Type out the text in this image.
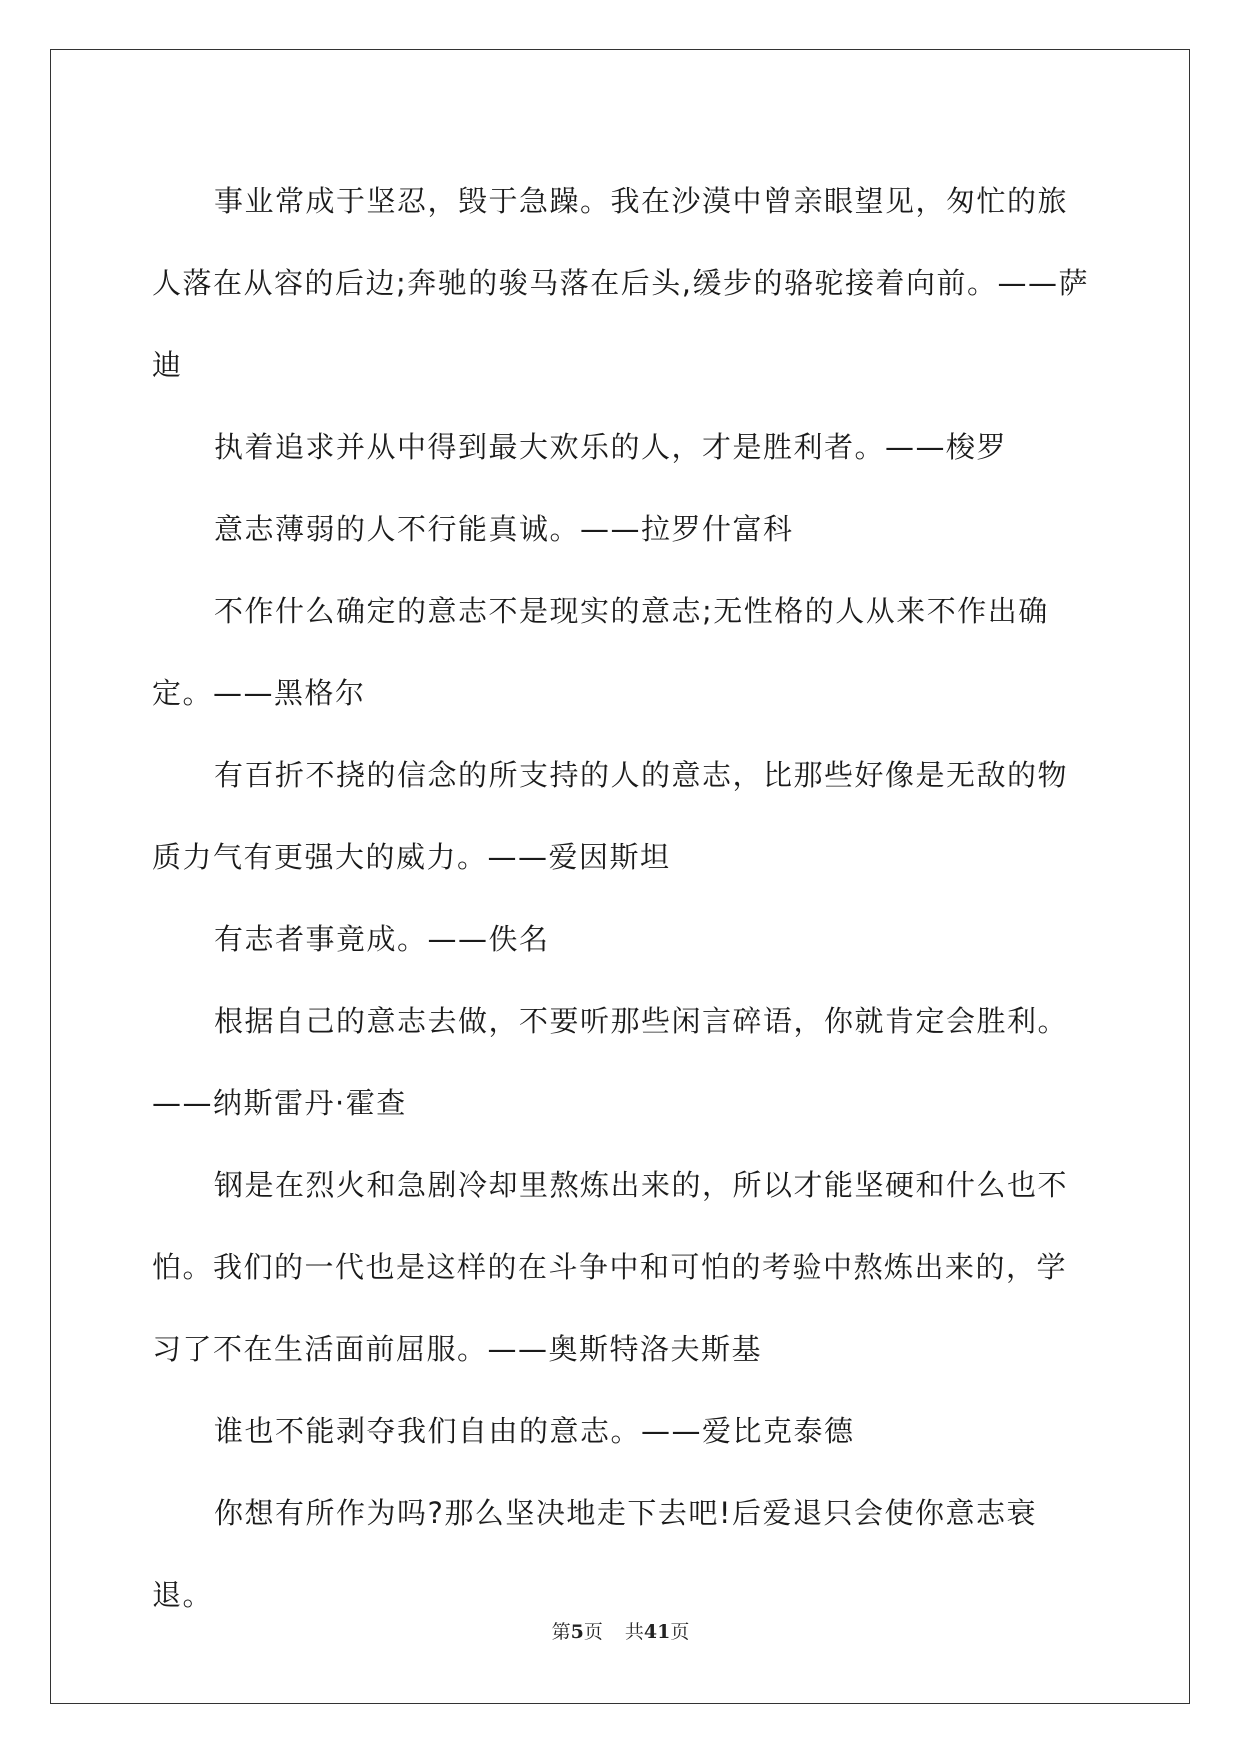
事业常成于坚忍，毁于急躁。我在沙漠中曾亲眼望见，匆忙的旅人落在从容的后边;奔驰的骏马落在后头,缓步的骆驼接着向前。——萨迪

执着追求并从中得到最大欢乐的人，才是胜利者。——梭罗

意志薄弱的人不行能真诚。——拉罗什富科

不作什么确定的意志不是现实的意志;无性格的人从来不作出确定。——黑格尔

有百折不挠的信念的所支持的人的意志，比那些好像是无敌的物质力气有更强大的威力。——爱因斯坦

有志者事竟成。——佚名

根据自己的意志去做，不要听那些闲言碎语，你就肯定会胜利。——纳斯雷丹·霍查

钢是在烈火和急剧冷却里熬炼出来的，所以才能坚硬和什么也不怕。我们的一代也是这样的在斗争中和可怕的考验中熬炼出来的，学习了不在生活面前屈服。——奥斯特洛夫斯基

谁也不能剥夺我们自由的意志。——爱比克泰德

你想有所作为吗?那么坚决地走下去吧!后爱退只会使你意志衰退。

第5页 共41页
